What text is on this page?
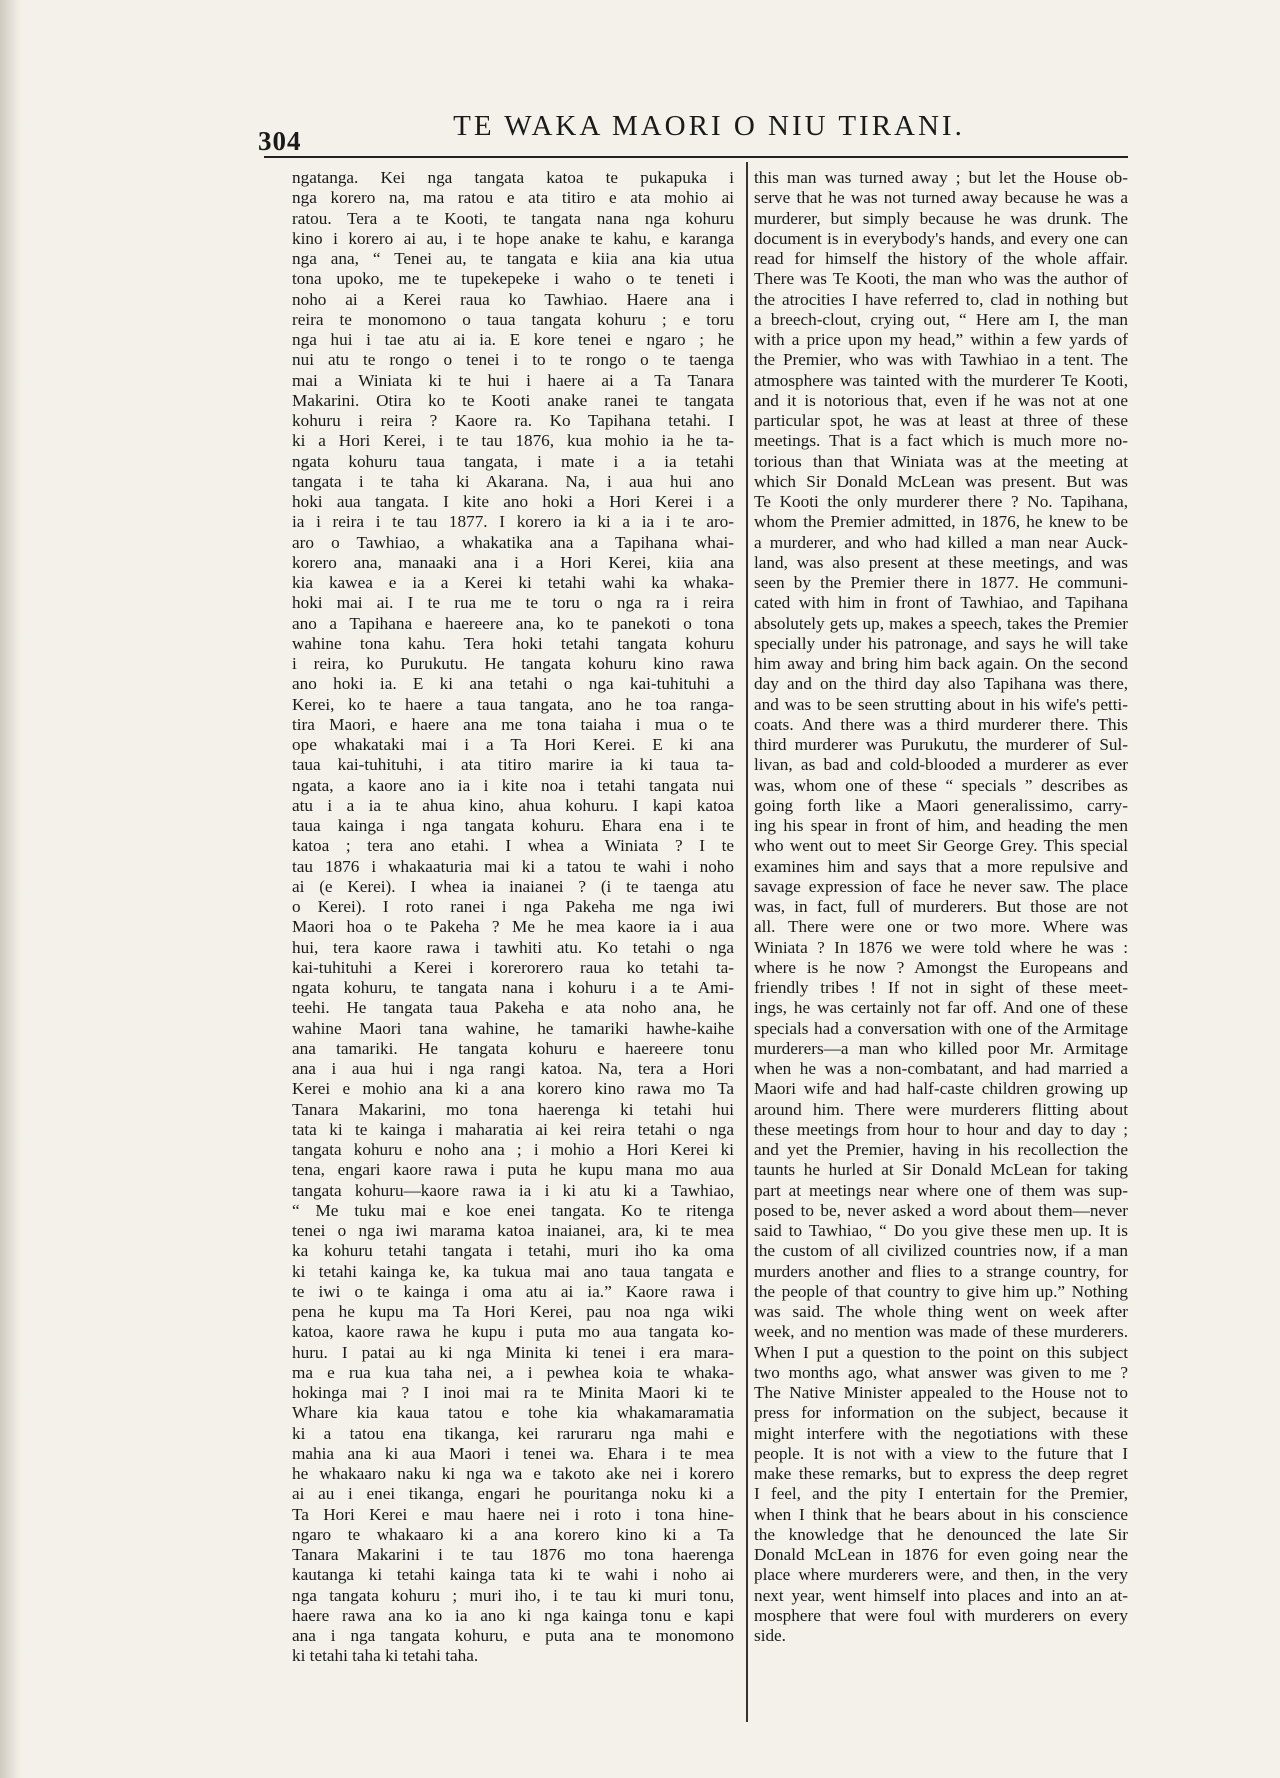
304	TE WAKA MAORI O NIU TIRANI.
ngatanga. Kei nga tangata katoa te pukapuka i
nga korero na, ma ratou e ata titiro e ata mohio ai
ratou. Tera a te Kooti, te tangata nana nga kohuru
kino i korero ai au, i te hope anake te kahu, e karanga
nga ana, “ Tenei au, te tangata e kiia ana kia utua
tona upoko, me te tupekepeke i waho o te teneti i
noho ai a Kerei raua ko Tawhiao. Haere ana i
reira te monomono o taua tangata kohuru ; e toru
nga hui i tae atu ai ia. E kore tenei e ngaro ; he
nui atu te rongo o tenei i to te rongo o te taenga
mai a Winiata ki te hui i haere ai a Ta Tanara
Makarini. Otira ko te Kooti anake ranei te tangata
kohuru i reira ? Kaore ra. Ko Tapihana tetahi. I
ki a Hori Kerei, i te tau 1876, kua mohio ia he ta-
ngata kohuru taua tangata, i mate i a ia tetahi
tangata i te taha ki Akarana. Na, i aua hui ano
hoki aua tangata. I kite ano hoki a Hori Kerei i a
ia i reira i te tau 1877. I korero ia ki a ia i te aro-
aro o Tawhiao, a whakatika ana a Tapihana whai-
korero ana, manaaki ana i a Hori Kerei, kiia ana
kia kawea e ia a Kerei ki tetahi wahi ka whaka-
hoki mai ai. I te rua me te toru o nga ra i reira
ano a Tapihana e haereere ana, ko te panekoti o tona
wahine tona kahu. Tera hoki tetahi tangata kohuru
i reira, ko Purukutu. He tangata kohuru kino rawa
ano hoki ia. E ki ana tetahi o nga kai-tuhituhi a
Kerei, ko te haere a taua tangata, ano he toa ranga-
tira Maori, e haere ana me tona taiaha i mua o te
ope whakataki mai i a Ta Hori Kerei. E ki ana
taua kai-tuhituhi, i ata titiro marire ia ki taua ta-
ngata, a kaore ano ia i kite noa i tetahi tangata nui
atu i a ia te ahua kino, ahua kohuru. I kapi katoa
taua kainga i nga tangata kohuru. Ehara ena i te
katoa ; tera ano etahi. I whea a Winiata ? I te
tau 1876 i whakaaturia mai ki a tatou te wahi i noho
ai (e Kerei). I whea ia inaianei ? (i te taenga atu
o Kerei). I roto ranei i nga Pakeha me nga iwi
Maori hoa o te Pakeha ? Me he mea kaore ia i aua
hui, tera kaore rawa i tawhiti atu. Ko tetahi o nga
kai-tuhituhi a Kerei i korerorero raua ko tetahi ta-
ngata kohuru, te tangata nana i kohuru i a te Ami-
teehi. He tangata taua Pakeha e ata noho ana, he
wahine Maori tana wahine, he tamariki hawhe-kaihe
ana tamariki. He tangata kohuru e haereere tonu
ana i aua hui i nga rangi katoa. Na, tera a Hori
Kerei e mohio ana ki a ana korero kino rawa mo Ta
Tanara Makarini, mo tona haerenga ki tetahi hui
tata ki te kainga i maharatia ai kei reira tetahi o nga
tangata kohuru e noho ana ; i mohio a Hori Kerei ki
tena, engari kaore rawa i puta he kupu mana mo aua
tangata kohuru—kaore rawa ia i ki atu ki a Tawhiao,
“ Me tuku mai e koe enei tangata. Ko te ritenga
tenei o nga iwi marama katoa inaianei, ara, ki te mea
ka kohuru tetahi tangata i tetahi, muri iho ka oma
ki tetahi kainga ke, ka tukua mai ano taua tangata e
te iwi o te kainga i oma atu ai ia.” Kaore rawa i
pena he kupu ma Ta Hori Kerei, pau noa nga wiki
katoa, kaore rawa he kupu i puta mo aua tangata ko-
huru. I patai au ki nga Minita ki tenei i era mara-
ma e rua kua taha nei, a i pewhea koia te whaka-
hokinga mai ? I inoi mai ra te Minita Maori ki te
Whare kia kaua tatou e tohe kia whakamaramatia
ki a tatou ena tikanga, kei raruraru nga mahi e
mahia ana ki aua Maori i tenei wa. Ehara i te mea
he whakaaro naku ki nga wa e takoto ake nei i korero
ai au i enei tikanga, engari he pouritanga noku ki a
Ta Hori Kerei e mau haere nei i roto i tona hine-
ngaro te whakaaro ki a ana korero kino ki a Ta
Tanara Makarini i te tau 1876 mo tona haerenga
kautanga ki tetahi kainga tata ki te wahi i noho ai
nga tangata kohuru ; muri iho, i te tau ki muri tonu,
haere rawa ana ko ia ano ki nga kainga tonu e kapi
ana i nga tangata kohuru, e puta ana te monomono
ki tetahi taha ki tetahi taha.
this man was turned away ; but let the House ob-
serve that he was not turned away because he was a
murderer, but simply because he was drunk. The
document is in everybody's hands, and every one can
read for himself the history of the whole affair.
There was Te Kooti, the man who was the author of
the atrocities I have referred to, clad in nothing but
a breech-clout, crying out, “ Here am I, the man
with a price upon my head,” within a few yards of
the Premier, who was with Tawhiao in a tent. The
atmosphere was tainted with the murderer Te Kooti,
and it is notorious that, even if he was not at one
particular spot, he was at least at three of these
meetings. That is a fact which is much more no-
torious than that Winiata was at the meeting at
which Sir Donald McLean was present. But was
Te Kooti the only murderer there ? No. Tapihana,
whom the Premier admitted, in 1876, he knew to be
a murderer, and who had killed a man near Auck-
land, was also present at these meetings, and was
seen by the Premier there in 1877. He communi-
cated with him in front of Tawhiao, and Tapihana
absolutely gets up, makes a speech, takes the Premier
specially under his patronage, and says he will take
him away and bring him back again. On the second
day and on the third day also Tapihana was there,
and was to be seen strutting about in his wife's petti-
coats. And there was a third murderer there. This
third murderer was Purukutu, the murderer of Sul-
livan, as bad and cold-blooded a murderer as ever
was, whom one of these “ specials ” describes as
going forth like a Maori generalissimo, carry-
ing his spear in front of him, and heading the men
who went out to meet Sir George Grey. This special
examines him and says that a more repulsive and
savage expression of face he never saw. The place
was, in fact, full of murderers. But those are not
all. There were one or two more. Where was
Winiata ? In 1876 we were told where he was :
where is he now ? Amongst the Europeans and
friendly tribes ! If not in sight of these meet-
ings, he was certainly not far off. And one of these
specials had a conversation with one of the Armitage
murderers—a man who killed poor Mr. Armitage
when he was a non-combatant, and had married a
Maori wife and had half-caste children growing up
around him. There were murderers flitting about
these meetings from hour to hour and day to day ;
and yet the Premier, having in his recollection the
taunts he hurled at Sir Donald McLean for taking
part at meetings near where one of them was sup-
posed to be, never asked a word about them—never
said to Tawhiao, “ Do you give these men up. It is
the custom of all civilized countries now, if a man
murders another and flies to a strange country, for
the people of that country to give him up.” Nothing
was said. The whole thing went on week after
week, and no mention was made of these murderers.
When I put a question to the point on this subject
two months ago, what answer was given to me ?
The Native Minister appealed to the House not to
press for information on the subject, because it
might interfere with the negotiations with these
people. It is not with a view to the future that I
make these remarks, but to express the deep regret
I feel, and the pity I entertain for the Premier,
when I think that he bears about in his conscience
the knowledge that he denounced the late Sir
Donald McLean in 1876 for even going near the
place where murderers were, and then, in the very
next year, went himself into places and into an at-
mosphere that were foul with murderers on every
side.
